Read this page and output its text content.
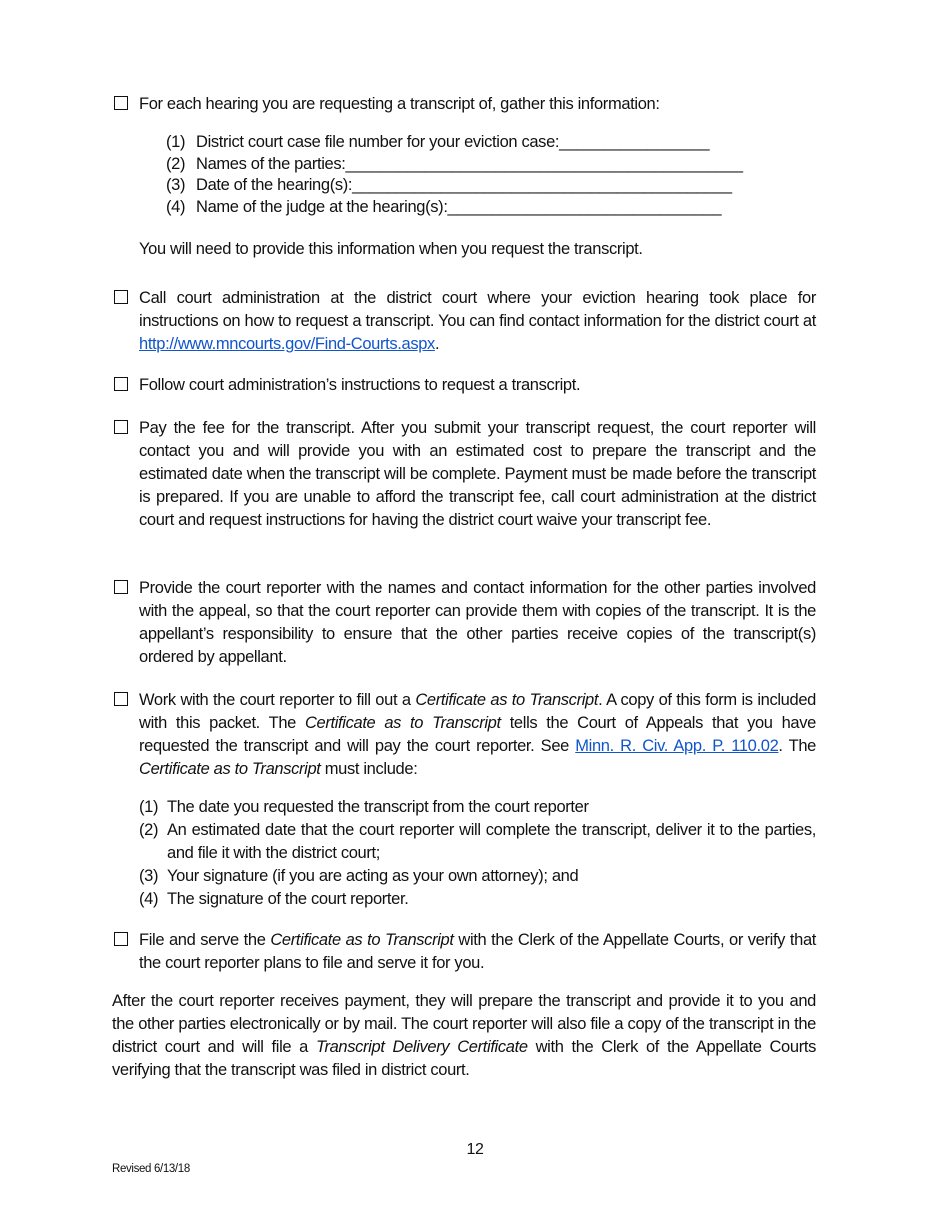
For each hearing you are requesting a transcript of, gather this information:
(1) District court case file number for your eviction case:_________________
(2) Names of the parties:_____________________________________________
(3) Date of the hearing(s):___________________________________________
(4) Name of the judge at the hearing(s):_______________________________
You will need to provide this information when you request the transcript.
Call court administration at the district court where your eviction hearing took place for instructions on how to request a transcript. You can find contact information for the district court at http://www.mncourts.gov/Find-Courts.aspx.
Follow court administration’s instructions to request a transcript.
Pay the fee for the transcript. After you submit your transcript request, the court reporter will contact you and will provide you with an estimated cost to prepare the transcript and the estimated date when the transcript will be complete. Payment must be made before the transcript is prepared. If you are unable to afford the transcript fee, call court administration at the district court and request instructions for having the district court waive your transcript fee.
Provide the court reporter with the names and contact information for the other parties involved with the appeal, so that the court reporter can provide them with copies of the transcript. It is the appellant’s responsibility to ensure that the other parties receive copies of the transcript(s) ordered by appellant.
Work with the court reporter to fill out a Certificate as to Transcript. A copy of this form is included with this packet. The Certificate as to Transcript tells the Court of Appeals that you have requested the transcript and will pay the court reporter. See Minn. R. Civ. App. P. 110.02. The Certificate as to Transcript must include:
(1) The date you requested the transcript from the court reporter
(2) An estimated date that the court reporter will complete the transcript, deliver it to the parties, and file it with the district court;
(3) Your signature (if you are acting as your own attorney); and
(4) The signature of the court reporter.
File and serve the Certificate as to Transcript with the Clerk of the Appellate Courts, or verify that the court reporter plans to file and serve it for you.
After the court reporter receives payment, they will prepare the transcript and provide it to you and the other parties electronically or by mail. The court reporter will also file a copy of the transcript in the district court and will file a Transcript Delivery Certificate with the Clerk of the Appellate Courts verifying that the transcript was filed in district court.
12
Revised 6/13/18
